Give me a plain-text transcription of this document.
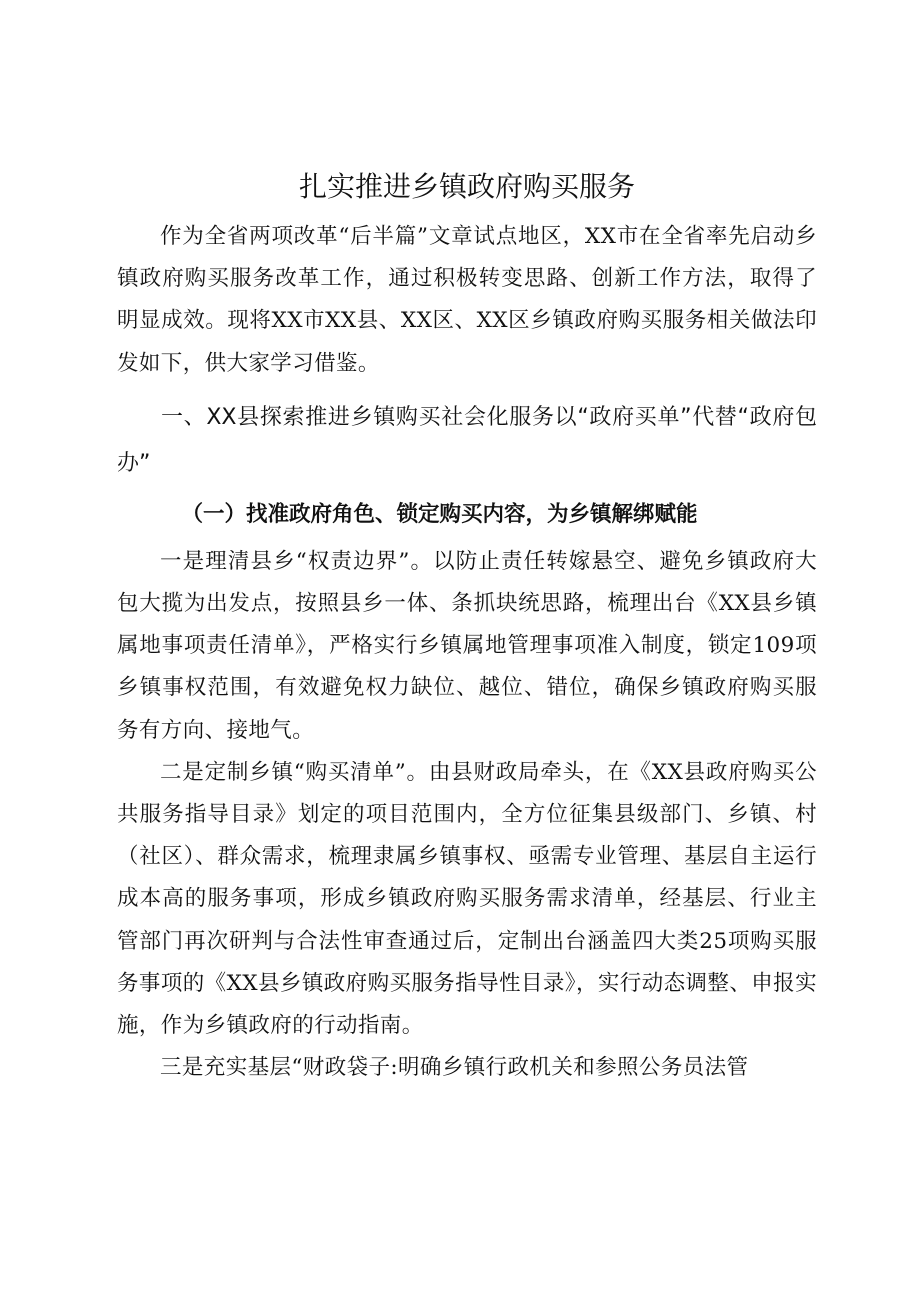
扎实推进乡镇政府购买服务

作为全省两项改革“后半篇”文章试点地区，XX市在全省率先启动乡镇政府购买服务改革工作，通过积极转变思路、创新工作方法，取得了明显成效。现将XX市XX县、XX区、XX区乡镇政府购买服务相关做法印发如下，供大家学习借鉴。

一、XX县探索推进乡镇购买社会化服务以“政府买单”代替“政府包办”
（一）找准政府角色、锁定购买内容，为乡镇解绑赋能

一是理清县乡“权责边界”。以防止责任转嫁悬空、避免乡镇政府大包大揽为出发点，按照县乡一体、条抓块统思路，梳理出台《XX县乡镇属地事项责任清单》，严格实行乡镇属地管理事项准入制度，锁定109项乡镇事权范围，有效避免权力缺位、越位、错位，确保乡镇政府购买服务有方向、接地气。

二是定制乡镇“购买清单”。由县财政局牵头，在《XX县政府购买公共服务指导目录》划定的项目范围内，全方位征集县级部门、乡镇、村（社区）、群众需求，梳理隶属乡镇事权、亟需专业管理、基层自主运行成本高的服务事项，形成乡镇政府购买服务需求清单，经基层、行业主管部门再次研判与合法性审查通过后，定制出台涵盖四大类25项购买服务事项的《XX县乡镇政府购买服务指导性目录》，实行动态调整、申报实施，作为乡镇政府的行动指南。

三是充实基层“财政袋子:明确乡镇行政机关和参照公务员法管
